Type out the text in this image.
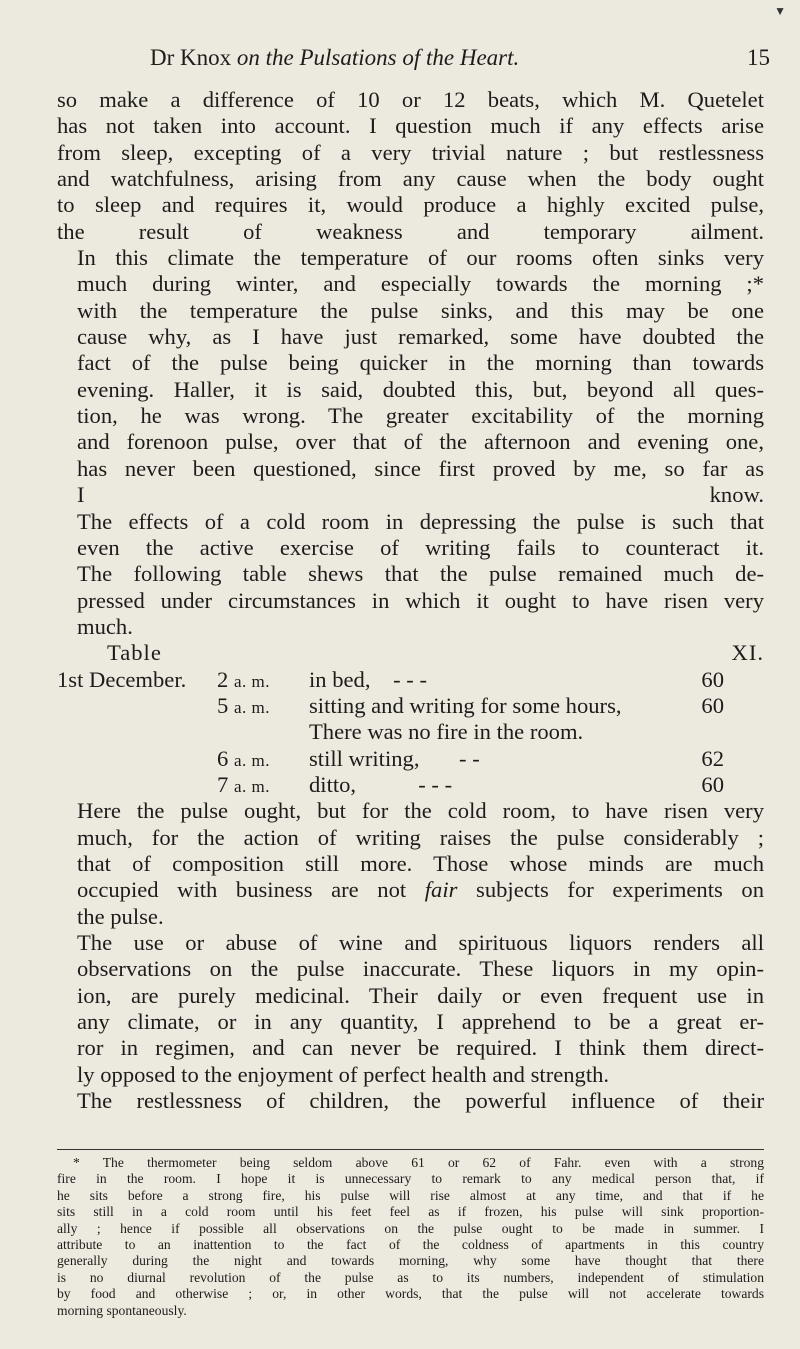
▼
Dr Knox on the Pulsations of the Heart.	15

so make a difference of 10 or 12 beats, which M. Quetelet
has not taken into account. I question much if any effects arise
from sleep, excepting of a very trivial nature ; but restlessness
and watchfulness, arising from any cause when the body ought
to sleep and requires it, would produce a highly excited pulse,
the result of weakness and temporary ailment.

In this climate the temperature of our rooms often sinks very
much during winter, and especially towards the morning ;*
with the temperature the pulse sinks, and this may be one
cause why, as I have just remarked, some have doubted the
fact of the pulse being quicker in the morning than towards
evening. Haller, it is said, doubted this, but, beyond all ques-
tion, he was wrong. The greater excitability of the morning
and forenoon pulse, over that of the afternoon and evening one,
has never been questioned, since first proved by me, so far as
I know.

The effects of a cold room in depressing the pulse is such that
even the active exercise of writing fails to counteract it.

The following table shews that the pulse remained much de-
pressed under circumstances in which it ought to have risen very
much.

Table XI.
1st December. 2 a. m. in bed, - - -	60
5 a. m. sitting and writing for some hours,	60
There was no fire in the room.
6 a. m. still writing, - -	62
7 a. m. ditto,	- - -	60

Here the pulse ought, but for the cold room, to have risen very
much, for the action of writing raises the pulse considerably ;
that of composition still more. Those whose minds are much
occupied with business are not fair subjects for experiments on
the pulse.

The use or abuse of wine and spirituous liquors renders all
observations on the pulse inaccurate. These liquors in my opin-
ion, are purely medicinal. Their daily or even frequent use in
any climate, or in any quantity, I apprehend to be a great er-
ror in regimen, and can never be required. I think them direct-
ly opposed to the enjoyment of perfect health and strength.

The restlessness of children, the powerful influence of their

* The thermometer being seldom above 61 or 62 of Fahr. even with a strong
fire in the room. I hope it is unnecessary to remark to any medical person that, if
he sits before a strong fire, his pulse will rise almost at any time, and that if he
sits still in a cold room until his feet feel as if frozen, his pulse will sink proportion-
ally ; hence if possible all observations on the pulse ought to be made in summer. I
attribute to an inattention to the fact of the coldness of apartments in this country
generally during the night and towards morning, why some have thought that there
is no diurnal revolution of the pulse as to its numbers, independent of stimulation
by food and otherwise ; or, in other words, that the pulse will not accelerate towards
morning spontaneously.
